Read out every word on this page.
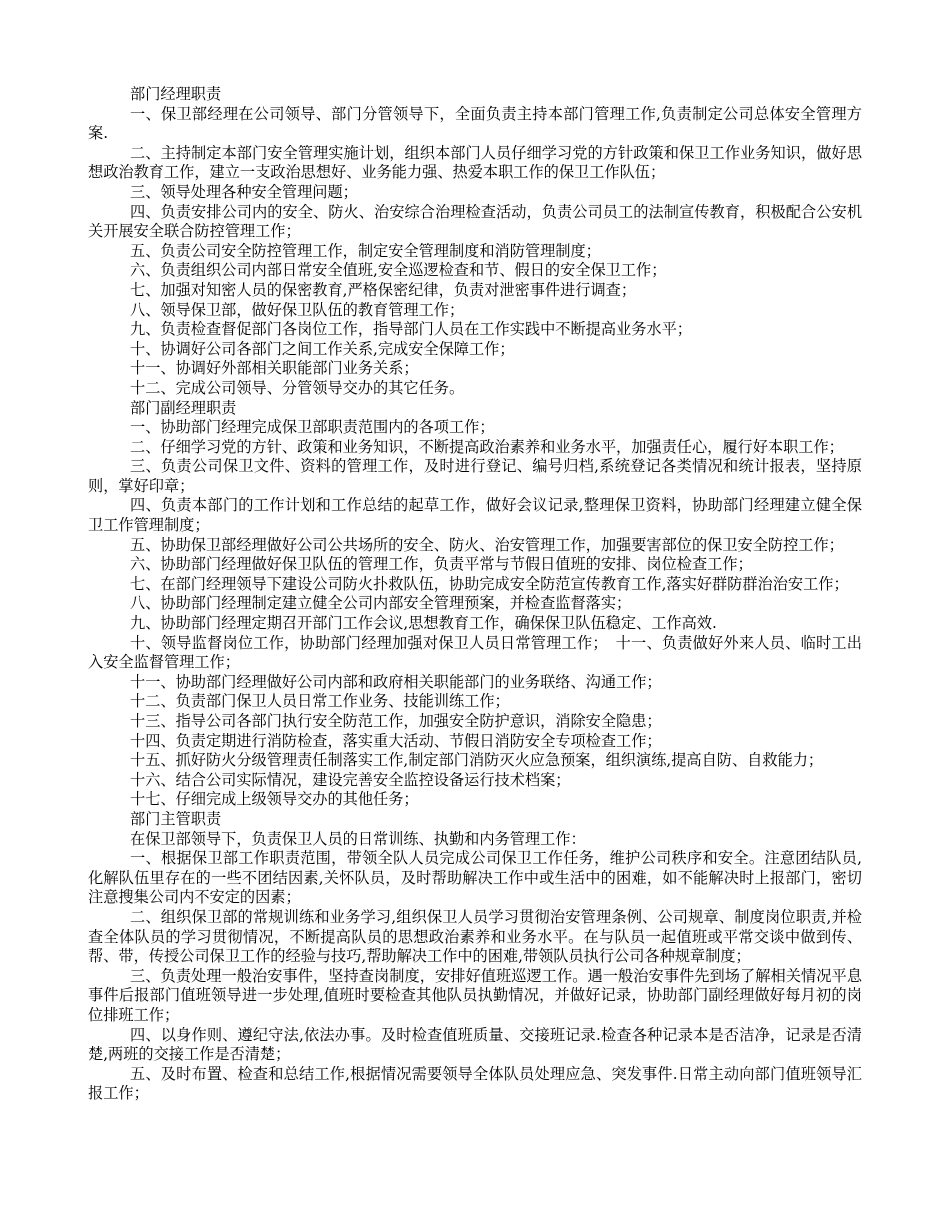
部门经理职责

一、保卫部经理在公司领导、部门分管领导下，全面负责主持本部门管理工作,负责制定公司总体安全管理方案.

二、主持制定本部门安全管理实施计划，组织本部门人员仔细学习党的方针政策和保卫工作业务知识，做好思想政治教育工作，建立一支政治思想好、业务能力强、热爱本职工作的保卫工作队伍；

三、领导处理各种安全管理问题；

四、负责安排公司内的安全、防火、治安综合治理检查活动，负责公司员工的法制宣传教育，积极配合公安机关开展安全联合防控管理工作；

五、负责公司安全防控管理工作，制定安全管理制度和消防管理制度；

六、负责组织公司内部日常安全值班,安全巡逻检查和节、假日的安全保卫工作；

七、加强对知密人员的保密教育,严格保密纪律，负责对泄密事件进行调查；

八、领导保卫部，做好保卫队伍的教育管理工作；

九、负责检查督促部门各岗位工作，指导部门人员在工作实践中不断提高业务水平；

十、协调好公司各部门之间工作关系,完成安全保障工作；

十一、协调好外部相关职能部门业务关系；

十二、完成公司领导、分管领导交办的其它任务。

部门副经理职责

一、协助部门经理完成保卫部职责范围内的各项工作；

二、仔细学习党的方针、政策和业务知识，不断提高政治素养和业务水平，加强责任心，履行好本职工作；

三、负责公司保卫文件、资料的管理工作，及时进行登记、编号归档,系统登记各类情况和统计报表，坚持原则，掌好印章；

四、负责本部门的工作计划和工作总结的起草工作，做好会议记录,整理保卫资料，协助部门经理建立健全保卫工作管理制度；

五、协助保卫部经理做好公司公共场所的安全、防火、治安管理工作，加强要害部位的保卫安全防控工作；

六、协助部门经理做好保卫队伍的管理工作，负责平常与节假日值班的安排、岗位检查工作；

七、在部门经理领导下建设公司防火扑救队伍，协助完成安全防范宣传教育工作,落实好群防群治治安工作；

八、协助部门经理制定建立健全公司内部安全管理预案，并检查监督落实；

九、协助部门经理定期召开部门工作会议,思想教育工作，确保保卫队伍稳定、工作高效.

十、领导监督岗位工作，协助部门经理加强对保卫人员日常管理工作；　十一、负责做好外来人员、临时工出入安全监督管理工作；

十一、协助部门经理做好公司内部和政府相关职能部门的业务联络、沟通工作；

十二、负责部门保卫人员日常工作业务、技能训练工作；

十三、指导公司各部门执行安全防范工作，加强安全防护意识，消除安全隐患；

十四、负责定期进行消防检查，落实重大活动、节假日消防安全专项检查工作；

十五、抓好防火分级管理责任制落实工作,制定部门消防灭火应急预案，组织演练,提高自防、自救能力；

十六、结合公司实际情况，建设完善安全监控设备运行技术档案；

十七、仔细完成上级领导交办的其他任务；

部门主管职责

在保卫部领导下，负责保卫人员的日常训练、执勤和内务管理工作：

一、根据保卫部工作职责范围，带领全队人员完成公司保卫工作任务，维护公司秩序和安全。注意团结队员,化解队伍里存在的一些不团结因素,关怀队员，及时帮助解决工作中或生活中的困难，如不能解决时上报部门，密切注意搜集公司内不安定的因素；

二、组织保卫部的常规训练和业务学习,组织保卫人员学习贯彻治安管理条例、公司规章、制度岗位职责,并检查全体队员的学习贯彻情况，不断提高队员的思想政治素养和业务水平。在与队员一起值班或平常交谈中做到传、帮、带，传授公司保卫工作的经验与技巧,帮助解决工作中的困难,带领队员执行公司各种规章制度；

三、负责处理一般治安事件，坚持查岗制度，安排好值班巡逻工作。遇一般治安事件先到场了解相关情况平息事件后报部门值班领导进一步处理,值班时要检查其他队员执勤情况，并做好记录，协助部门副经理做好每月初的岗位排班工作；

四、以身作则、遵纪守法,依法办事。及时检查值班质量、交接班记录.检查各种记录本是否洁净，记录是否清楚,两班的交接工作是否清楚；

五、及时布置、检查和总结工作,根据情况需要领导全体队员处理应急、突发事件.日常主动向部门值班领导汇报工作；
